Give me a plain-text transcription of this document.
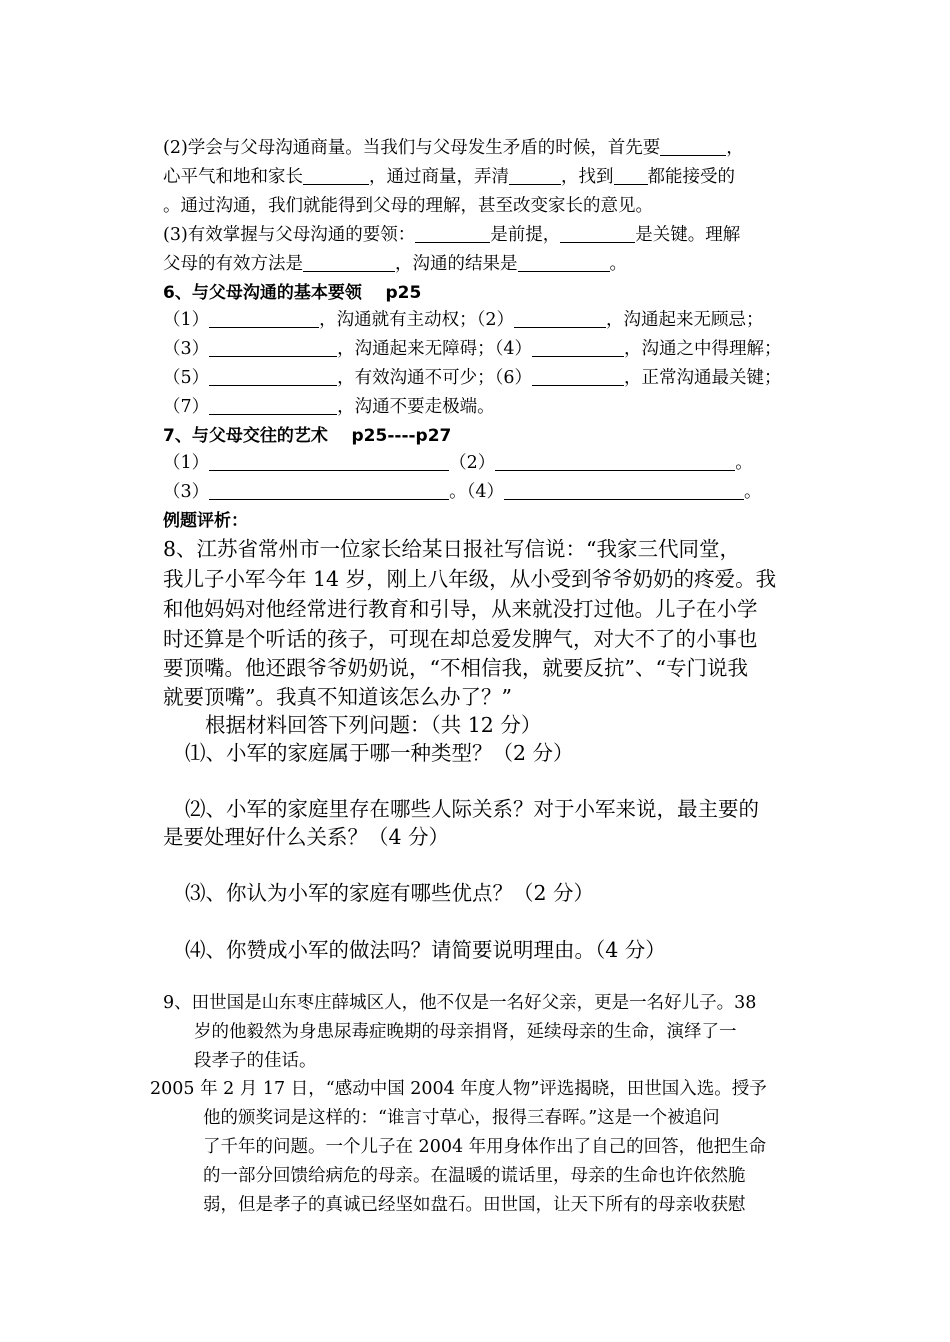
(2)学会与父母沟通商量。当我们与父母发生矛盾的时候，首先要	，
心平气和地和家长	，通过商量，弄清	，找到 都能接受的
。通过沟通，我们就能得到父母的理解，甚至改变家长的意见。
(3)有效掌握与父母沟通的要领：	是前提，	是关键。理解
父母的有效方法是	，沟通的结果是	。
6、与父母沟通的基本要领    p25
（1）	，沟通就有主动权；（2）	，沟通起来无顾忌；
（3）	，沟通起来无障碍；（4）	，沟通之中得理解；
（5）	，有效沟通不可少；（6）	，正常沟通最关键；
（7）	，沟通不要走极端。
7、与父母交往的艺术    p25----p27
（1）	（2）	。
（3）	。（4）	。
例题评析：
8、江苏省常州市一位家长给某日报社写信说：“我家三代同堂，
我儿子小军今年 14 岁，刚上八年级，从小受到爷爷奶奶的疼爱。我
和他妈妈对他经常进行教育和引导，从来就没打过他。儿子在小学
时还算是个听话的孩子，可现在却总爱发脾气，对大不了的小事也
要顶嘴。他还跟爷爷奶奶说，“不相信我，就要反抗”、“专门说我
就要顶嘴”。我真不知道该怎么办了？”
根据材料回答下列问题：（共 12 分）
⑴、小军的家庭属于哪一种类型？（2 分）
⑵、小军的家庭里存在哪些人际关系？对于小军来说，最主要的
是要处理好什么关系？（4 分）
⑶、你认为小军的家庭有哪些优点？（2 分）
⑷、你赞成小军的做法吗？请简要说明理由。（4 分）
9、田世国是山东枣庄薛城区人，他不仅是一名好父亲，更是一名好儿子。38
岁的他毅然为身患尿毒症晚期的母亲捐肾，延续母亲的生命，演绎了一
段孝子的佳话。
2005 年 2 月 17 日，“感动中国 2004 年度人物”评选揭晓，田世国入选。授予
他的颁奖词是这样的：“谁言寸草心，报得三春晖。”这是一个被追问
了千年的问题。一个儿子在 2004 年用身体作出了自己的回答，他把生命
的一部分回馈给病危的母亲。在温暖的谎话里，母亲的生命也许依然脆
弱，但是孝子的真诚已经坚如盘石。田世国，让天下所有的母亲收获慰
